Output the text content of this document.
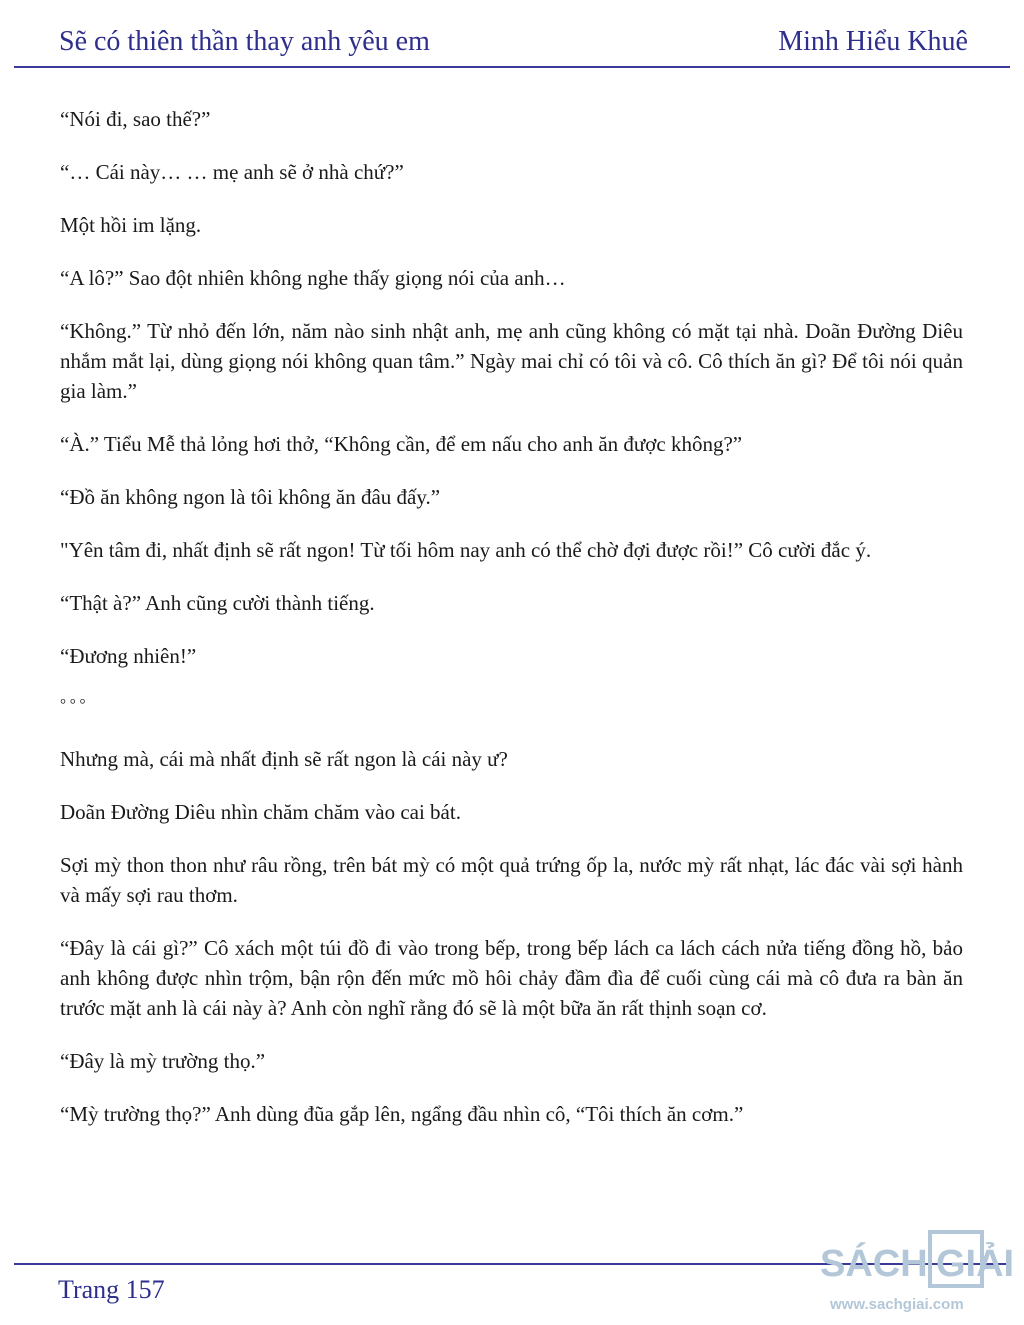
Sẽ có thiên thần thay anh yêu em	Minh Hiểu Khuê

“Nói đi, sao thế?”

“… Cái này… … mẹ anh sẽ ở nhà chứ?”

Một hồi im lặng.

“A lô?” Sao đột nhiên không nghe thấy giọng nói của anh…

“Không.” Từ nhỏ đến lớn, năm nào sinh nhật anh, mẹ anh cũng không có mặt tại nhà. Doãn Đường Diêu nhắm mắt lại, dùng giọng nói không quan tâm.” Ngày mai chỉ có tôi và cô. Cô thích ăn gì? Để tôi nói quản gia làm.”

“À.” Tiểu Mễ thả lỏng hơi thở, “Không cần, để em nấu cho anh ăn được không?”

“Đồ ăn không ngon là tôi không ăn đâu đấy.”

"Yên tâm đi, nhất định sẽ rất ngon! Từ tối hôm nay anh có thể chờ đợi được rồi!” Cô cười đắc ý.

“Thật à?” Anh cũng cười thành tiếng.

“Đương nhiên!”

° ° °

Nhưng mà, cái mà nhất định sẽ rất ngon là cái này ư?

Doãn Đường Diêu nhìn chăm chăm vào cai bát.

Sợi mỳ thon thon như râu rồng, trên bát mỳ có một quả trứng ốp la, nước mỳ rất nhạt, lác đác vài sợi hành và mấy sợi rau thơm.

“Đây là cái gì?” Cô xách một túi đồ đi vào trong bếp, trong bếp lách ca lách cách nửa tiếng đồng hồ, bảo anh không được nhìn trộm, bận rộn đến mức mồ hôi chảy đầm đìa để cuối cùng cái mà cô đưa ra bàn ăn trước mặt anh là cái này à? Anh còn nghĩ rằng đó sẽ là một bữa ăn rất thịnh soạn cơ.

“Đây là mỳ trường thọ.”

“Mỳ trường thọ?” Anh dùng đũa gắp lên, ngẩng đầu nhìn cô, “Tôi thích ăn cơm.”

Trang 157
SÁCH GIẢI
www.sachgiai.com
